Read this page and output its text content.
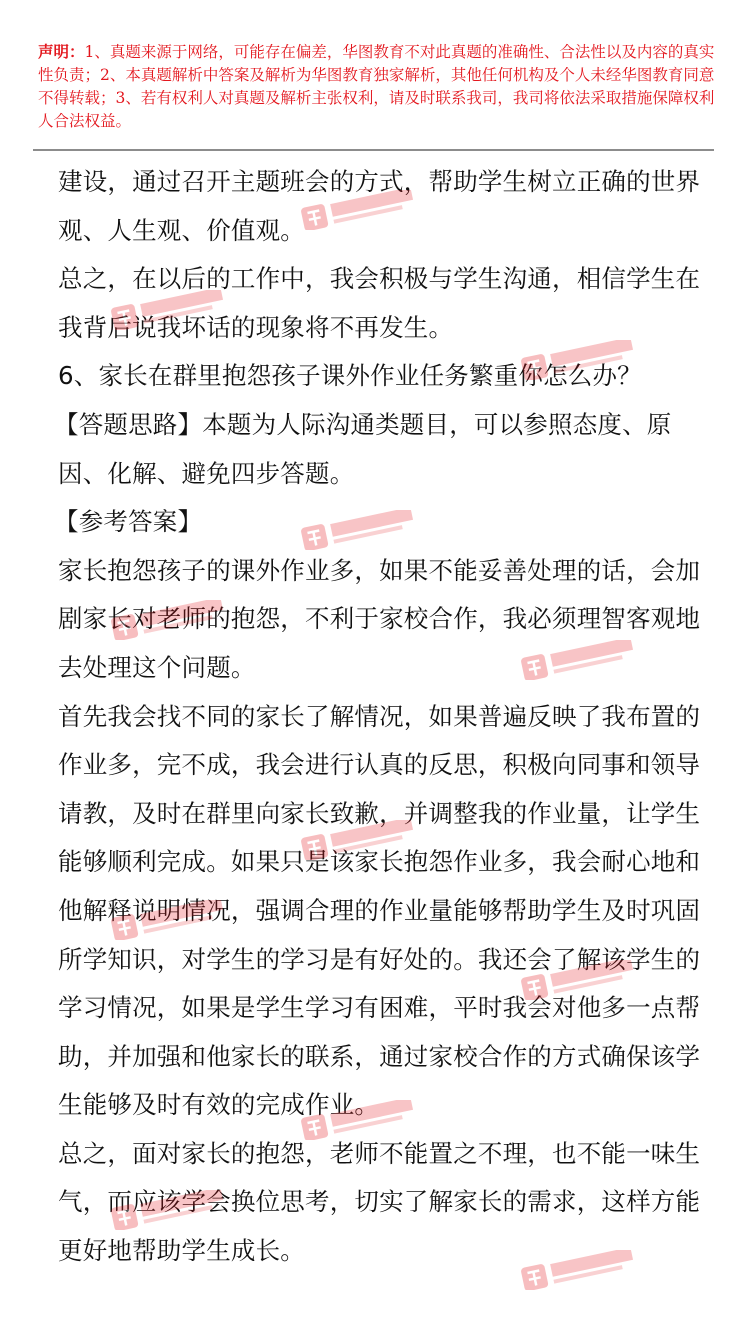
声明：1、真题来源于网络，可能存在偏差，华图教育不对此真题的准确性、合法性以及内容的真实性负责；2、本真题解析中答案及解析为华图教育独家解析，其他任何机构及个人未经华图教育同意不得转载；3、若有权利人对真题及解析主张权利，请及时联系我司，我司将依法采取措施保障权利人合法权益。

建设，通过召开主题班会的方式，帮助学生树立正确的世界观、人生观、价值观。

总之，在以后的工作中，我会积极与学生沟通，相信学生在我背后说我坏话的现象将不再发生。

6、家长在群里抱怨孩子课外作业任务繁重你怎么办？

【答题思路】本题为人际沟通类题目，可以参照态度、原因、化解、避免四步答题。

【参考答案】

家长抱怨孩子的课外作业多，如果不能妥善处理的话，会加剧家长对老师的抱怨，不利于家校合作，我必须理智客观地去处理这个问题。

首先我会找不同的家长了解情况，如果普遍反映了我布置的作业多，完不成，我会进行认真的反思，积极向同事和领导请教，及时在群里向家长致歉，并调整我的作业量，让学生能够顺利完成。如果只是该家长抱怨作业多，我会耐心地和他解释说明情况，强调合理的作业量能够帮助学生及时巩固所学知识，对学生的学习是有好处的。我还会了解该学生的学习情况，如果是学生学习有困难，平时我会对他多一点帮助，并加强和他家长的联系，通过家校合作的方式确保该学生能够及时有效的完成作业。

总之，面对家长的抱怨，老师不能置之不理，也不能一味生气，而应该学会换位思考，切实了解家长的需求，这样方能更好地帮助学生成长。
